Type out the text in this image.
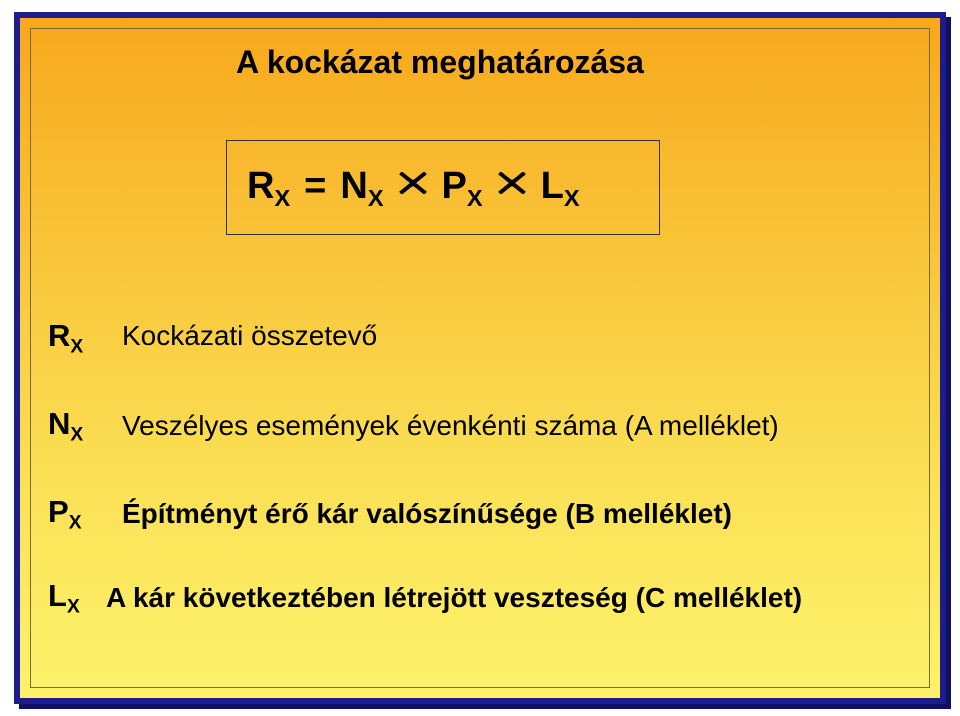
A kockázat meghatározása
$R_X = N_X$ $P_X$ $L_X$
$R_X$ Kockázati összetevő
$N_X$ Veszélyes események évenkénti száma (A melléklet)
$P_X$ Építményt érő kár valószínűsége (B melléklet)
$L_X$ A kár következtében létrejött veszteség (C melléklet)
